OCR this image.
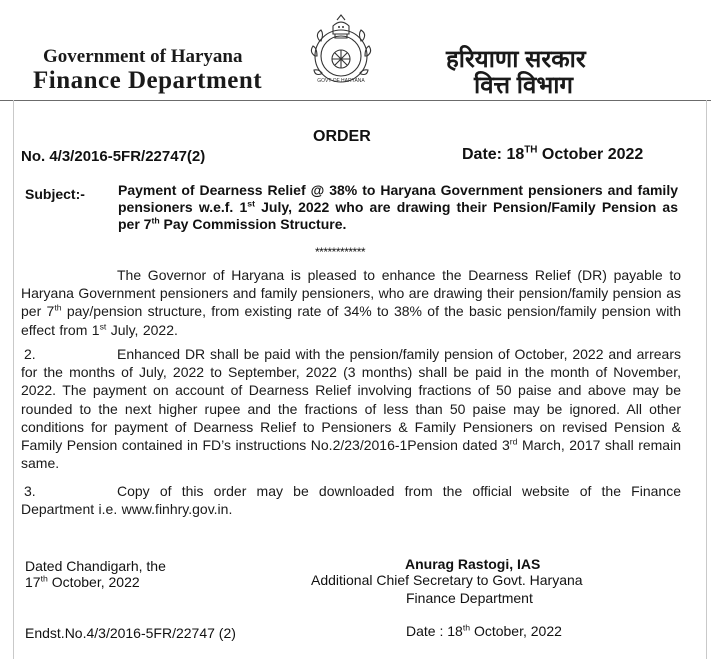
Government of Haryana
Finance Department	GOVT OF HARYANA
हरियाणा सरकार
वित्त विभाग
ORDER
No. 4/3/2016-5FR/22747(2)	Date: 18TH October 2022
Subject:- Payment of Dearness Relief @ 38% to Haryana Government pensioners and family pensioners w.e.f. 1st July, 2022 who are drawing their Pension/Family Pension as per 7th Pay Commission Structure.
************
The Governor of Haryana is pleased to enhance the Dearness Relief (DR) payable to Haryana Government pensioners and family pensioners, who are drawing their pension/family pension as per 7th pay/pension structure, from existing rate of 34% to 38% of the basic pension/family pension with effect from 1st July, 2022.
2.	Enhanced DR shall be paid with the pension/family pension of October, 2022 and arrears for the months of July, 2022 to September, 2022 (3 months) shall be paid in the month of November, 2022. The payment on account of Dearness Relief involving fractions of 50 paise and above may be rounded to the next higher rupee and the fractions of less than 50 paise may be ignored. All other conditions for payment of Dearness Relief to Pensioners & Family Pensioners on revised Pension & Family Pension contained in FD’s instructions No.2/23/2016-1Pension dated 3rd March, 2017 shall remain same.
3.	Copy of this order may be downloaded from the official website of the Finance Department i.e. www.finhry.gov.in.
Dated Chandigarh, the
17th October, 2022
Anurag Rastogi, IAS
Additional Chief Secretary to Govt. Haryana
Finance Department
Endst.No.4/3/2016-5FR/22747 (2)	Date : 18th October, 2022
